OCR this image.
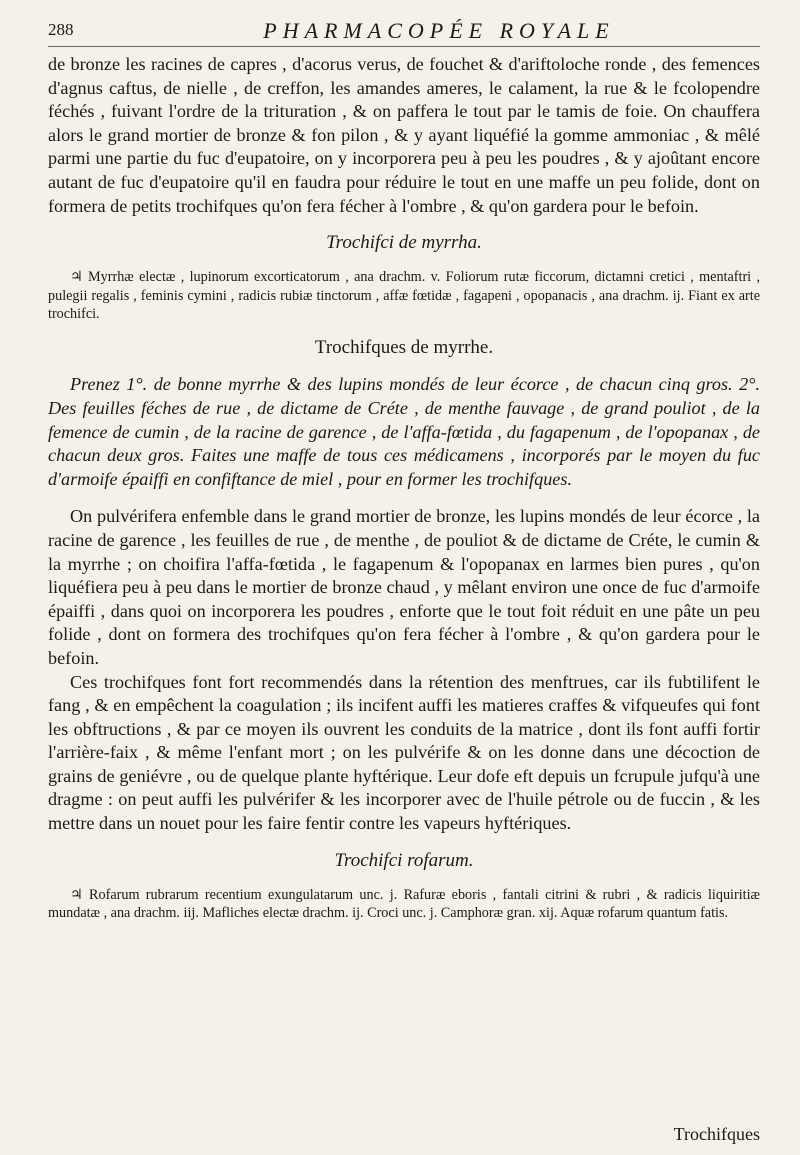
288	PHARMACOPÉE ROYALE

de bronze les racines de capres , d'acorus verus, de fouchet & d'ariftoloche ronde , des femences d'agnus caftus, de nielle , de creffon, les amandes ameres, le calament, la rue & le fcolopendre féchés , fuivant l'ordre de la trituration , & on paffera le tout par le tamis de foie. On chauffera alors le grand mortier de bronze & fon pilon , & y ayant liquéfié la gomme ammoniac , & mêlé parmi une partie du fuc d'eupatoire, on y incorporera peu à peu les poudres , & y ajoûtant encore autant de fuc d'eupatoire qu'il en faudra pour réduire le tout en une maffe un peu folide, dont on formera de petits trochifques qu'on fera fécher à l'ombre , & qu'on gardera pour le befoin.

Trochifci de myrrha.

♃ Myrrhæ electæ , lupinorum excorticatorum , ana drachm. v. Foliorum rutæ ficcorum, dictamni cretici , mentaftri , pulegii regalis , feminis cymini , radicis rubiæ tinctorum , affæ fœtidæ , fagapeni , opopanacis , ana drachm. ij. Fiant ex arte trochifci.

Trochifques de myrrhe.

Prenez 1°. de bonne myrrhe & des lupins mondés de leur écorce , de chacun cinq gros. 2°. Des feuilles féches de rue , de dictame de Créte , de menthe fauvage , de grand pouliot , de la femence de cumin , de la racine de garence , de l'affa-fœtida , du fagapenum , de l'opopanax , de chacun deux gros. Faites une maffe de tous ces médicamens , incorporés par le moyen du fuc d'armoife épaiffi en confiftance de miel , pour en former les trochifques.

On pulvérifera enfemble dans le grand mortier de bronze, les lupins mondés de leur écorce , la racine de garence , les feuilles de rue , de menthe , de pouliot & de dictame de Créte, le cumin & la myrrhe ; on choifira l'affa-fœtida , le fagapenum & l'opopanax en larmes bien pures , qu'on liquéfiera peu à peu dans le mortier de bronze chaud , y mêlant environ une once de fuc d'armoife épaiffi , dans quoi on incorporera les poudres , enforte que le tout foit réduit en une pâte un peu folide , dont on formera des trochifques qu'on fera fécher à l'ombre , & qu'on gardera pour le befoin.

Ces trochifques font fort recommendés dans la rétention des menftrues, car ils fubtilifent le fang , & en empêchent la coagulation ; ils incifent auffi les matieres craffes & vifqueufes qui font les obftructions , & par ce moyen ils ouvrent les conduits de la matrice , dont ils font auffi fortir l'arrière-faix , & même l'enfant mort ; on les pulvérife & on les donne dans une décoction de grains de geniévre , ou de quelque plante hyftérique. Leur dofe eft depuis un fcrupule jufqu'à une dragme : on peut auffi les pulvérifer & les incorporer avec de l'huile pétrole ou de fuccin , & les mettre dans un nouet pour les faire fentir contre les vapeurs hyftériques.

Trochifci rofarum.

♃ Rofarum rubrarum recentium exungulatarum unc. j. Rafuræ eboris , fantali citrini & rubri , & radicis liquiritiæ mundatæ , ana drachm. iij. Mafliches electæ drachm. ij. Croci unc. j. Camphoræ gran. xij. Aquæ rofarum quantum fatis.

Trochifques
